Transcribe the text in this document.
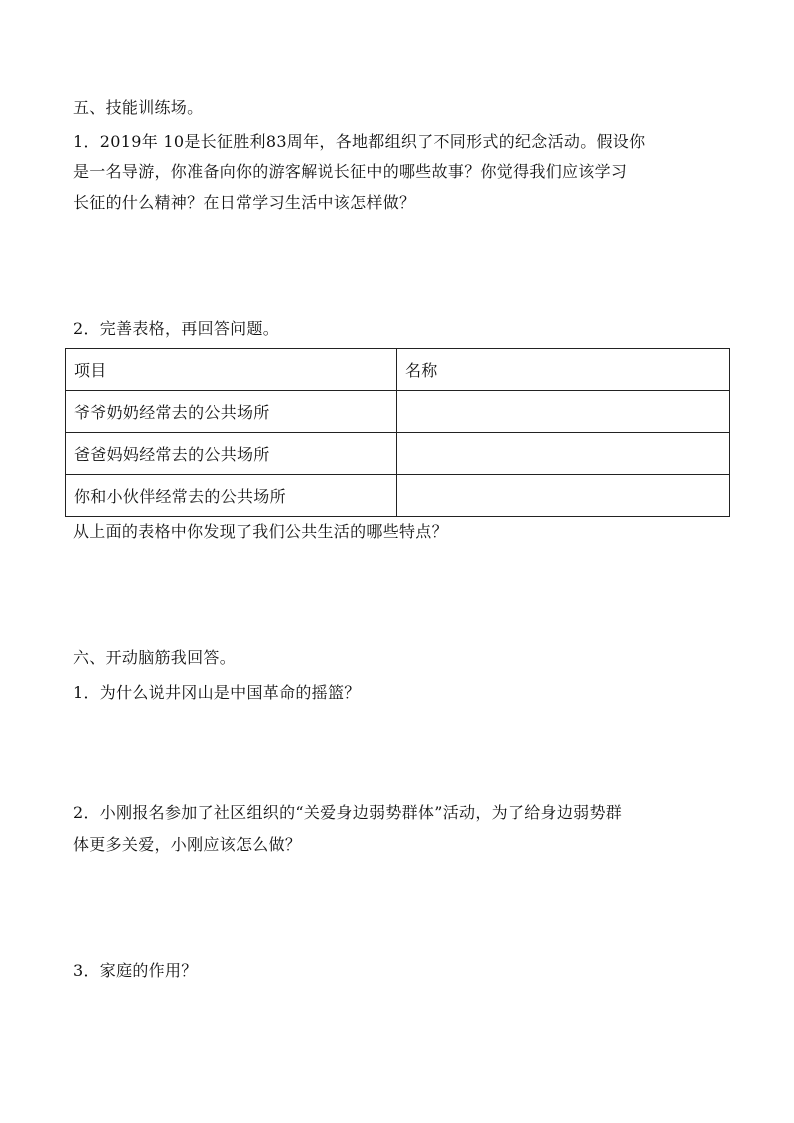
五、技能训练场。
1．2019年 10是长征胜利83周年，各地都组织了不同形式的纪念活动。假设你
是一名导游，你准备向你的游客解说长征中的哪些故事？你觉得我们应该学习
长征的什么精神？在日常学习生活中该怎样做？
2．完善表格，再回答问题。
项目	名称
爷爷奶奶经常去的公共场所	
爸爸妈妈经常去的公共场所	
你和小伙伴经常去的公共场所	
从上面的表格中你发现了我们公共生活的哪些特点？
六、开动脑筋我回答。
1．为什么说井冈山是中国革命的摇篮？
2．小刚报名参加了社区组织的“关爱身边弱势群体”活动，为了给身边弱势群
体更多关爱，小刚应该怎么做？
3．家庭的作用？
